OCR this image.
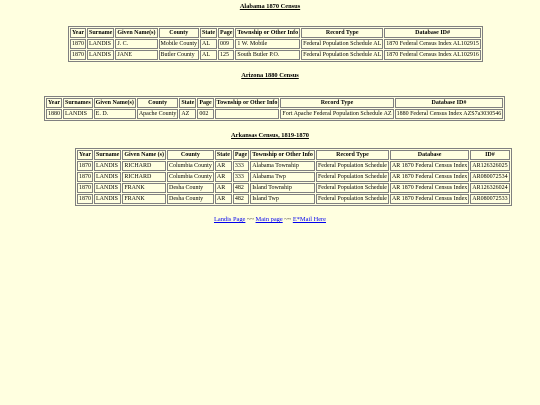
Alabama 1870 Census

Year	Surname	Given Name(s)	County	State	Page	Township or Other Info	Record Type	Database ID#
1870	LANDIS	J. C.	Mobile County	AL	009	1 W. Mobile	Federal Population Schedule AL	1870 Federal Census Index AL102915
1870	LANDIS	JANE	Butler County	AL	125	South Butler P.O.	Federal Population Schedule AL	1870 Federal Census Index AL102916

Arizona 1880 Census

Year	Surnames	Given Name(s)	County	State	Page	Township or Other Info	Record Type	Database ID#
1880	LANDIS	E. D.	Apache County	AZ	002		Fort Apache Federal Population Schedule AZ	1880 Federal Census Index AZS7a3030546

Arkansas Census, 1819-1870

Year	Surname	Given Name (s)	County	State	Page	Township or Other Info	Record Type	Database	ID#
1870	LANDIS	RICHARD	Columbia County	AR	333	Alabama Township	Federal Population Schedule	AR 1870 Federal Census Index	AR126326025
1870	LANDIS	RICHARD	Columbia County	AR	333	Alabama Twp	Federal Population Schedule	AR 1870 Federal Census Index	AR080072534
1870	LANDIS	FRANK	Desha County	AR	482	Island Township	Federal Population Schedule	AR 1870 Federal Census Index	AR126326024
1870	LANDIS	FRANK	Desha County	AR	482	Island Twp	Federal Population Schedule	AR 1870 Federal Census Index	AR080072533
Landis Page ~~ Main page ~~ E*Mail Here
